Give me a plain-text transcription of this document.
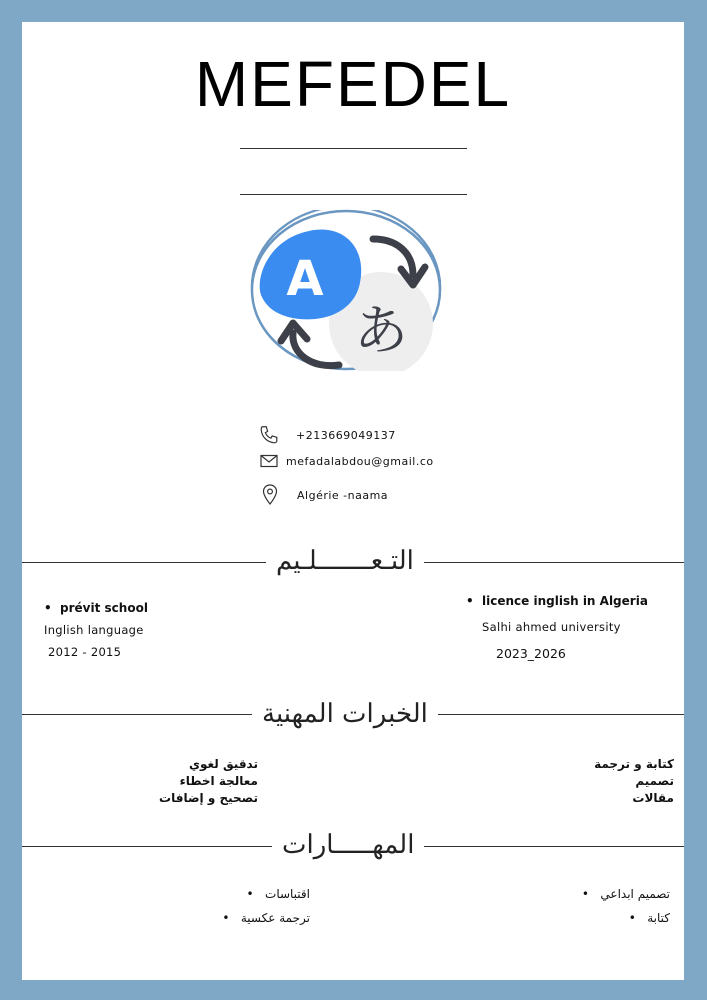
MEFEDEL
A
あ
+213669049137
mefadalabdou@gmail.co
Algérie -naama
التـعـــــــلـيم
•  licence inglish in Algeria
Salhi ahmed university
2023_2026
•  prévit school
Inglish language
2012 - 2015
الخبرات المهنية
كتابة و ترجمة
تصميم
مقالات
تدقيق لغوي
معالجة اخطاء
تصحيح و إضافات
المهـــــارات
تصميم ابداعي    •
كتابة    •
اقتباسات    •
ترجمة عكسية    •
